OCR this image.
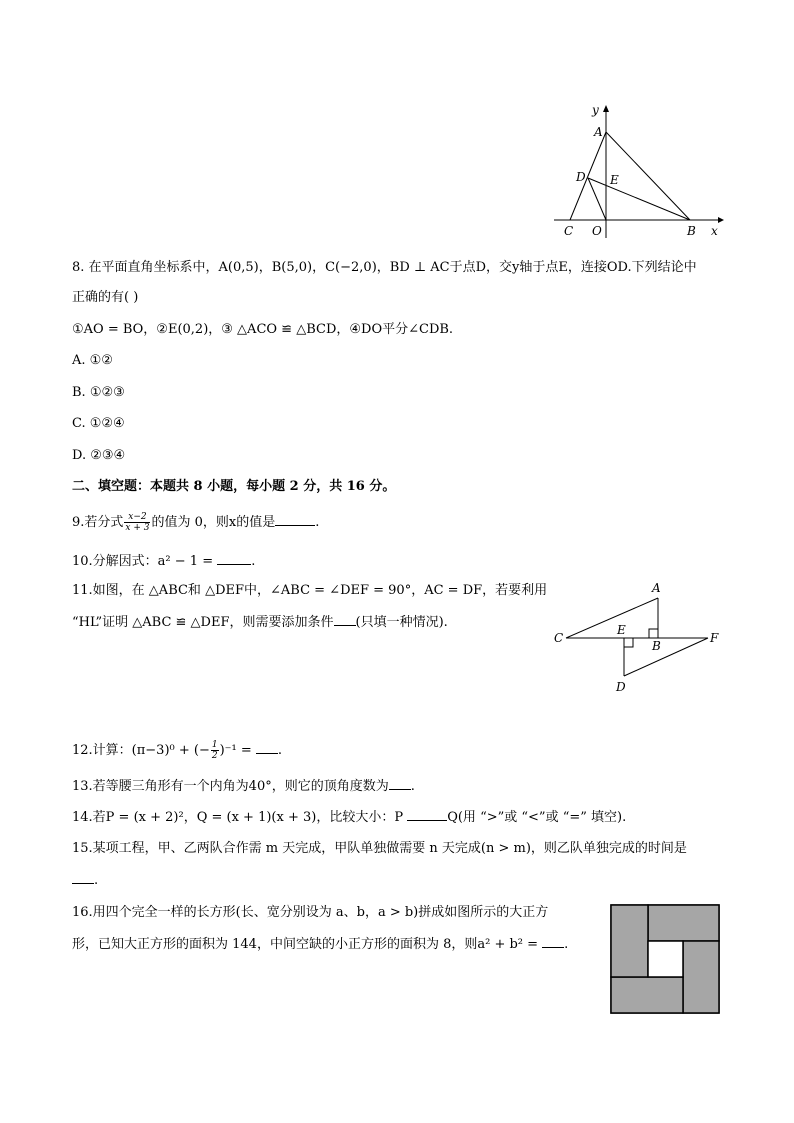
y
A
D E
C O	B x
8. 在平面直角坐标系中，A(0,5)，B(5,0)，C(−2,0)，BD ⊥ AC于点D，交y轴于点E，连接OD.下列结论中
正确的有( )
①AO = BO，②E(0,2)，③ △ACO ≌ △BCD，④DO平分∠CDB.
A. ①②
B. ①②③
C. ①②④
D. ②③④
二、填空题：本题共 8 小题，每小题 2 分，共 16 分。
9.若分式 $\frac{x-2}{x + 3}$ 的值为 0，则x的值是	.
10.分解因式：a² − 1 =	.
11.如图，在 △ABC和 △DEF中，∠ABC = ∠DEF = 90°，AC = DF，若要利用
“HL”证明 △ABC ≌ △DEF，则需要添加条件 (只填一种情况).
A
E
C	F
B
D
12.计算：(π−3)⁰ + (− $\frac{1}{2} )^{-1}$ = .
13.若等腰三角形有一个内角为40°，则它的顶角度数为 .
14.若P = (x + 2)²，Q = (x + 1)(x + 3)，比较大小：P	Q(用 “>”或 “<”或 “=” 填空).
15.某项工程，甲、乙两队合作需 m 天完成，甲队单独做需要 n 天完成(n > m)，则乙队单独完成的时间是
.
16.用四个完全一样的长方形(长、宽分别设为 a、b，a > b)拼成如图所示的大正方
形，已知大正方形的面积为 144，中间空缺的小正方形的面积为 8，则a² + b² = .
